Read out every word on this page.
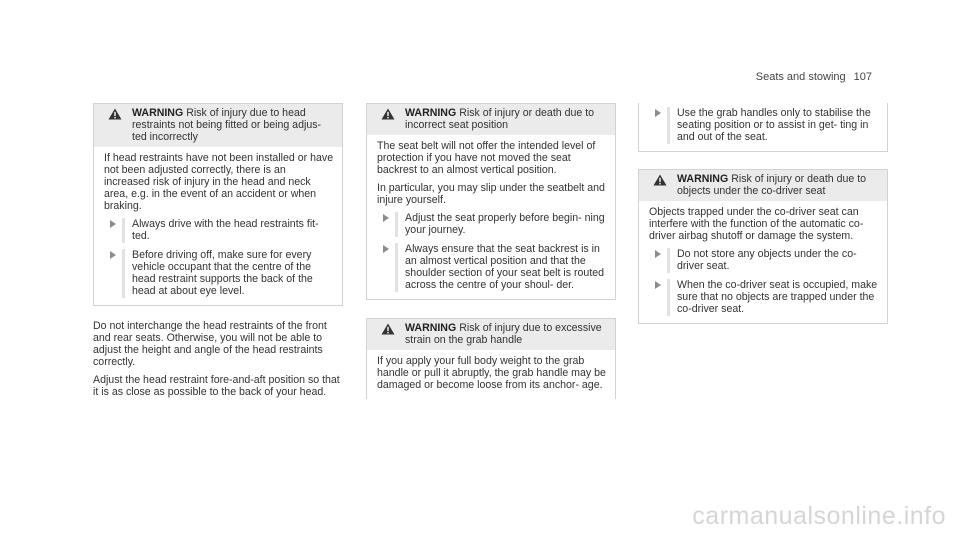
Seats and stowing 107
WARNING Risk of injury due to head restraints not being fitted or being adjus- ted incorrectly

If head restraints have not been installed or have not been adjusted correctly, there is an increased risk of injury in the head and neck area, e.g. in the event of an accident or when braking.

Always drive with the head restraints fit- ted.
Before driving off, make sure for every vehicle occupant that the centre of the head restraint supports the back of the head at about eye level.

Do not interchange the head restraints of the front and rear seats. Otherwise, you will not be able to adjust the height and angle of the head restraints correctly.

Adjust the head restraint fore-and-aft position so that it is as close as possible to the back of your head.

WARNING Risk of injury or death due to incorrect seat position

The seat belt will not offer the intended level of protection if you have not moved the seat backrest to an almost vertical position.

In particular, you may slip under the seatbelt and injure yourself.

Adjust the seat properly before begin- ning your journey.
Always ensure that the seat backrest is in an almost vertical position and that the shoulder section of your seat belt is routed across the centre of your shoul- der.
WARNING Risk of injury due to excessive strain on the grab handle

If you apply your full body weight to the grab handle or pull it abruptly, the grab handle may be damaged or become loose from its anchor- age.

Use the grab handles only to stabilise the seating position or to assist in get- ting in and out of the seat.
WARNING Risk of injury or death due to objects under the co-driver seat

Objects trapped under the co-driver seat can interfere with the function of the automatic co-driver airbag shutoff or damage the system.

Do not store any objects under the co- driver seat.
When the co-driver seat is occupied, make sure that no objects are trapped under the co-driver seat.
carmanualsonline.info
